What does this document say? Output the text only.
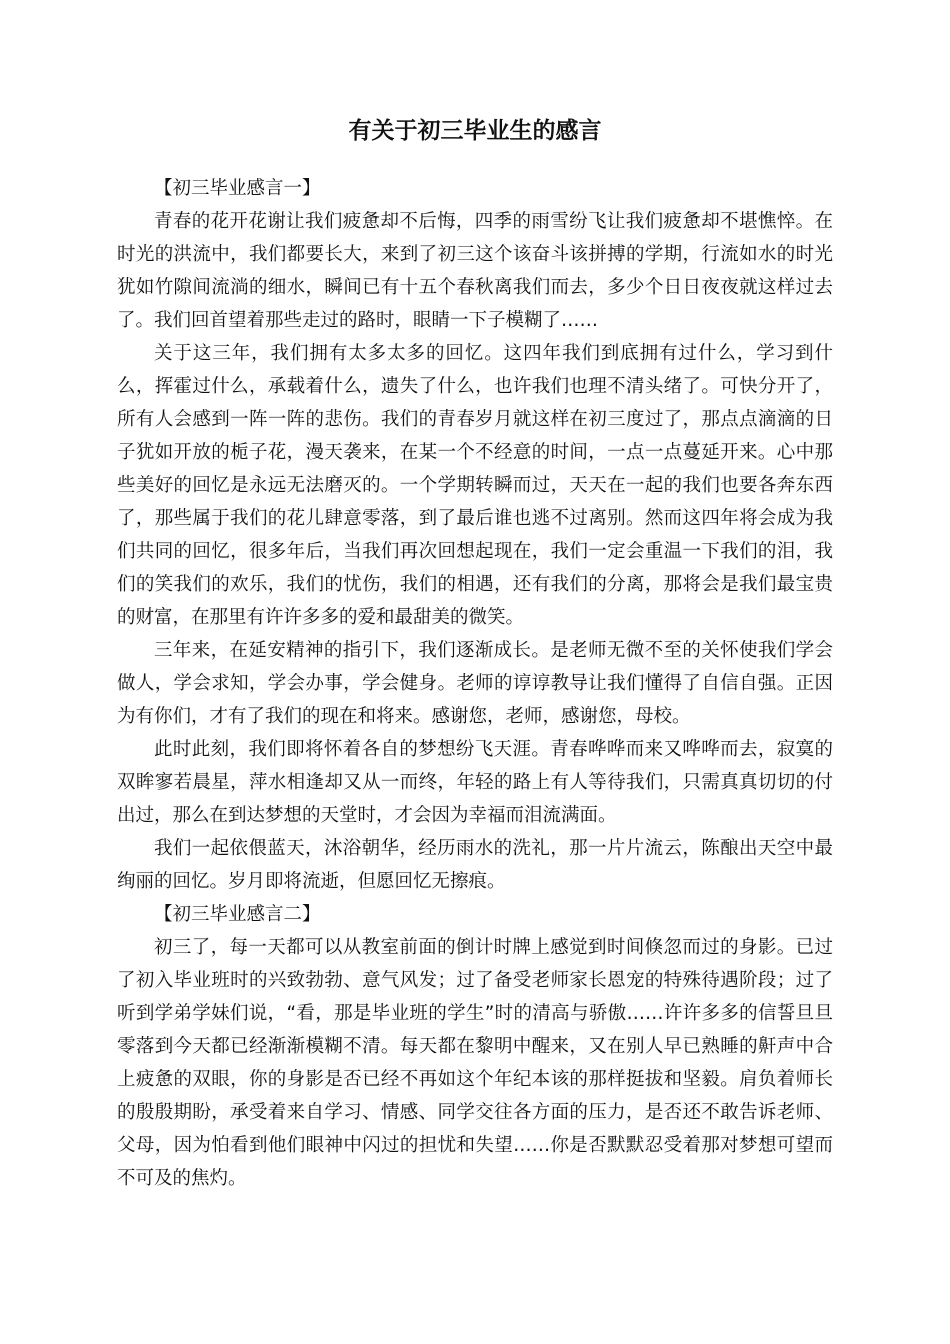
有关于初三毕业生的感言

【初三毕业感言一】

青春的花开花谢让我们疲惫却不后悔，四季的雨雪纷飞让我们疲惫却不堪憔悴。在时光的洪流中，我们都要长大，来到了初三这个该奋斗该拼搏的学期，行流如水的时光犹如竹隙间流淌的细水，瞬间已有十五个春秋离我们而去，多少个日日夜夜就这样过去了。我们回首望着那些走过的路时，眼睛一下子模糊了……

关于这三年，我们拥有太多太多的回忆。这四年我们到底拥有过什么，学习到什么，挥霍过什么，承载着什么，遗失了什么，也许我们也理不清头绪了。可快分开了，所有人会感到一阵一阵的悲伤。我们的青春岁月就这样在初三度过了，那点点滴滴的日子犹如开放的栀子花，漫天袭来，在某一个不经意的时间，一点一点蔓延开来。心中那些美好的回忆是永远无法磨灭的。一个学期转瞬而过，天天在一起的我们也要各奔东西了，那些属于我们的花儿肆意零落，到了最后谁也逃不过离别。然而这四年将会成为我们共同的回忆，很多年后，当我们再次回想起现在，我们一定会重温一下我们的泪，我们的笑我们的欢乐，我们的忧伤，我们的相遇，还有我们的分离，那将会是我们最宝贵的财富，在那里有许许多多的爱和最甜美的微笑。

三年来，在延安精神的指引下，我们逐渐成长。是老师无微不至的关怀使我们学会做人，学会求知，学会办事，学会健身。老师的谆谆教导让我们懂得了自信自强。正因为有你们，才有了我们的现在和将来。感谢您，老师，感谢您，母校。

此时此刻，我们即将怀着各自的梦想纷飞天涯。青春哗哗而来又哗哗而去，寂寞的双眸寥若晨星，萍水相逢却又从一而终，年轻的路上有人等待我们，只需真真切切的付出过，那么在到达梦想的天堂时，才会因为幸福而泪流满面。

我们一起依偎蓝天，沐浴朝华，经历雨水的洗礼，那一片片流云，陈酿出天空中最绚丽的回忆。岁月即将流逝，但愿回忆无擦痕。

【初三毕业感言二】

初三了，每一天都可以从教室前面的倒计时牌上感觉到时间倏忽而过的身影。已过了初入毕业班时的兴致勃勃、意气风发；过了备受老师家长恩宠的特殊待遇阶段；过了听到学弟学妹们说，“看，那是毕业班的学生”时的清高与骄傲……许许多多的信誓旦旦零落到今天都已经渐渐模糊不清。每天都在黎明中醒来，又在别人早已熟睡的鼾声中合上疲惫的双眼，你的身影是否已经不再如这个年纪本该的那样挺拔和坚毅。肩负着师长的殷殷期盼，承受着来自学习、情感、同学交往各方面的压力，是否还不敢告诉老师、父母，因为怕看到他们眼神中闪过的担忧和失望……你是否默默忍受着那对梦想可望而不可及的焦灼。
